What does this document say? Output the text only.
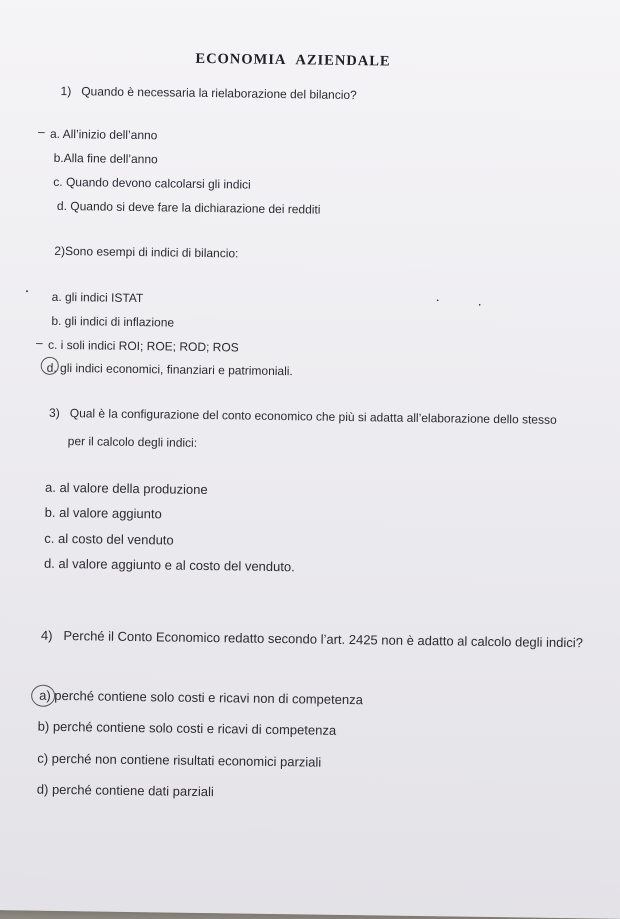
ECONOMIA AZIENDALE
1) Quando è necessaria la rielaborazione del bilancio?
– a. All’inizio dell’anno
b.Alla fine dell’anno
c. Quando devono calcolarsi gli indici
d. Quando si deve fare la dichiarazione dei redditi
2)Sono esempi di indici di bilancio:
•
•
•
a. gli indici ISTAT
b. gli indici di inflazione
– c. i soli indici ROI; ROE; ROD; ROS
d. gli indici economici, finanziari e patrimoniali.
3) Qual è la configurazione del conto economico che più si adatta all’elaborazione dello stesso
per il calcolo degli indici:
a. al valore della produzione
b. al valore aggiunto
c. al costo del venduto
d. al valore aggiunto e al costo del venduto.
4) Perché il Conto Economico redatto secondo l’art. 2425 non è adatto al calcolo degli indici?
a) perché contiene solo costi e ricavi non di competenza
b) perché contiene solo costi e ricavi di competenza
c) perché non contiene risultati economici parziali
d) perché contiene dati parziali
